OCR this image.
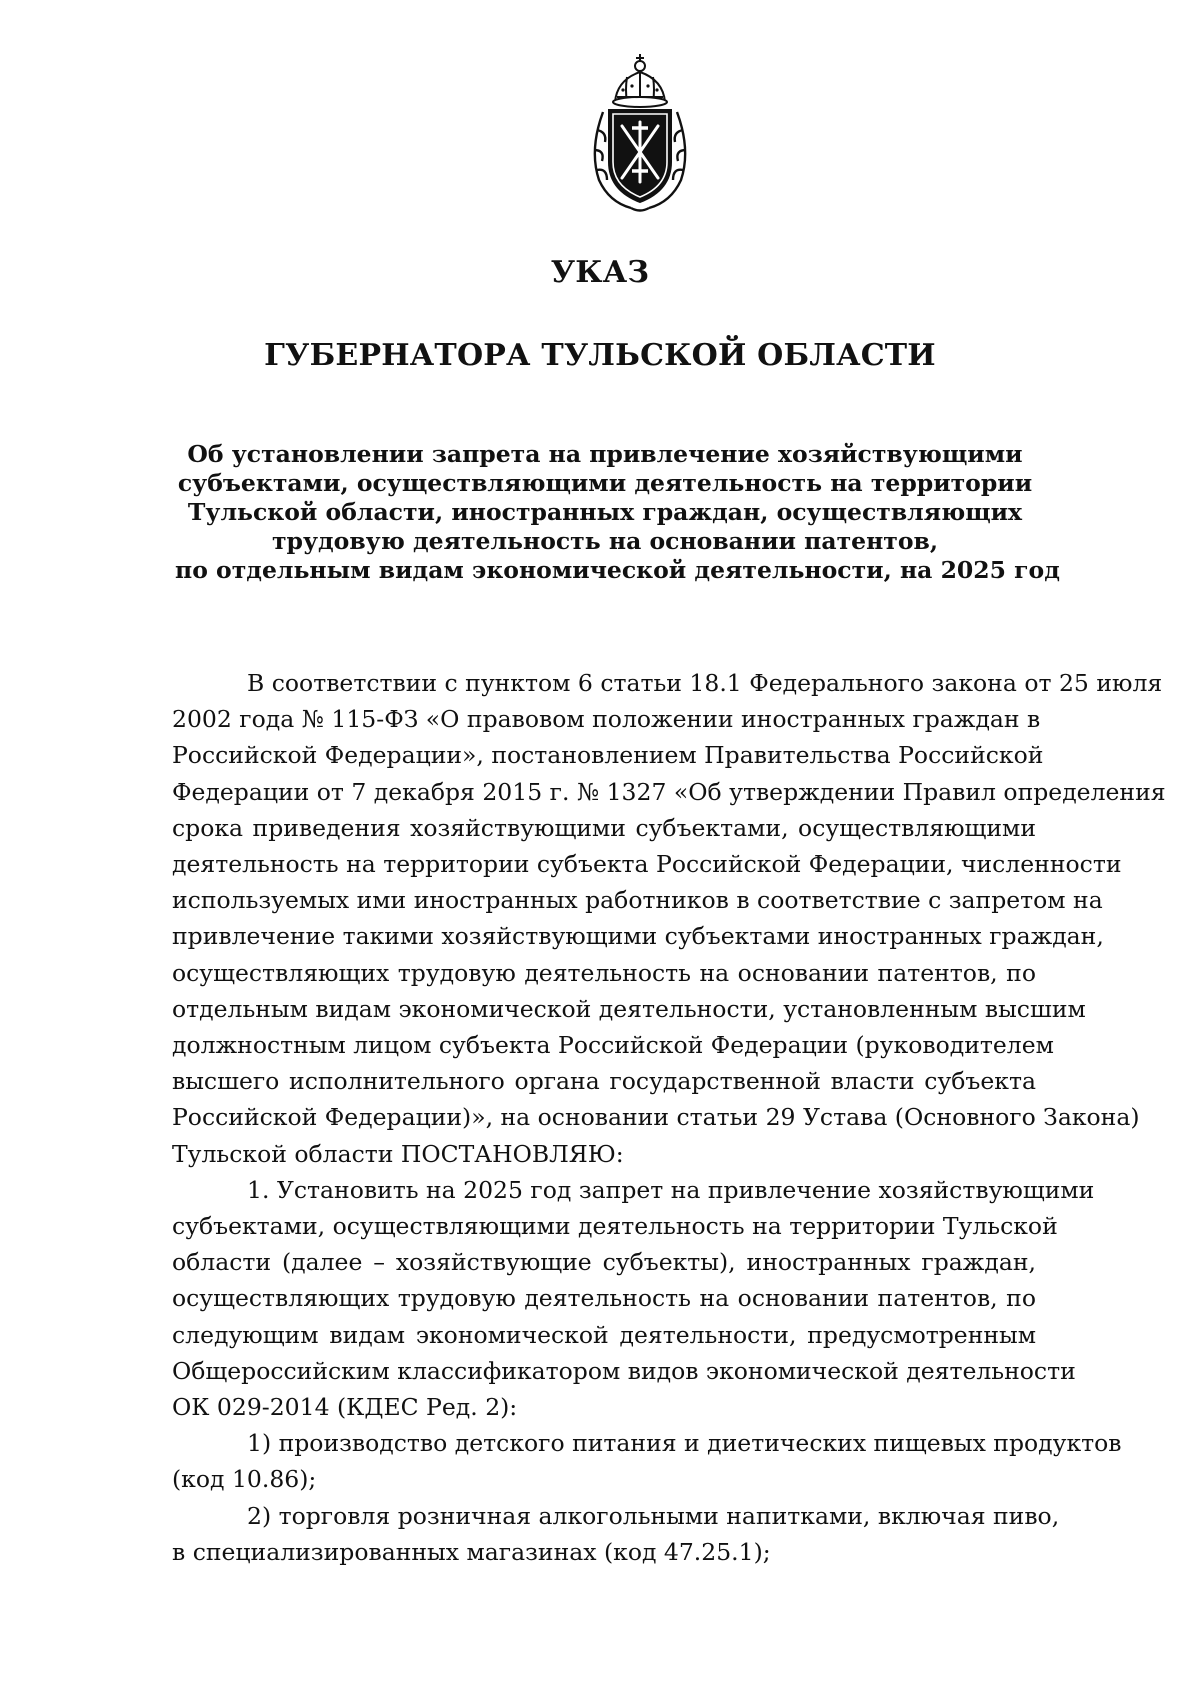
УКАЗ
ГУБЕРНАТОРА ТУЛЬСКОЙ ОБЛАСТИ
Об установлении запрета на привлечение хозяйствующими
субъектами, осуществляющими деятельность на территории
Тульской области, иностранных граждан, осуществляющих
трудовую деятельность на основании патентов,
по отдельным видам экономической деятельности, на 2025 год
В соответствии с пунктом 6 статьи 18.1 Федерального закона от 25 июля
2002 года № 115-ФЗ «О правовом положении иностранных граждан в
Российской Федерации», постановлением Правительства Российской
Федерации от 7 декабря 2015 г. № 1327 «Об утверждении Правил определения
срока приведения хозяйствующими субъектами, осуществляющими
деятельность на территории субъекта Российской Федерации, численности
используемых ими иностранных работников в соответствие с запретом на
привлечение такими хозяйствующими субъектами иностранных граждан,
осуществляющих трудовую деятельность на основании патентов, по
отдельным видам экономической деятельности, установленным высшим
должностным лицом субъекта Российской Федерации (руководителем
высшего исполнительного органа государственной власти субъекта
Российской Федерации)», на основании статьи 29 Устава (Основного Закона)
Тульской области ПОСТАНОВЛЯЮ:
1. Установить на 2025 год запрет на привлечение хозяйствующими
субъектами, осуществляющими деятельность на территории Тульской
области (далее – хозяйствующие субъекты), иностранных граждан,
осуществляющих трудовую деятельность на основании патентов, по
следующим видам экономической деятельности, предусмотренным
Общероссийским классификатором видов экономической деятельности
ОК 029-2014 (КДЕС Ред. 2):
1) производство детского питания и диетических пищевых продуктов
(код 10.86);
2) торговля розничная алкогольными напитками, включая пиво,
в специализированных магазинах (код 47.25.1);
